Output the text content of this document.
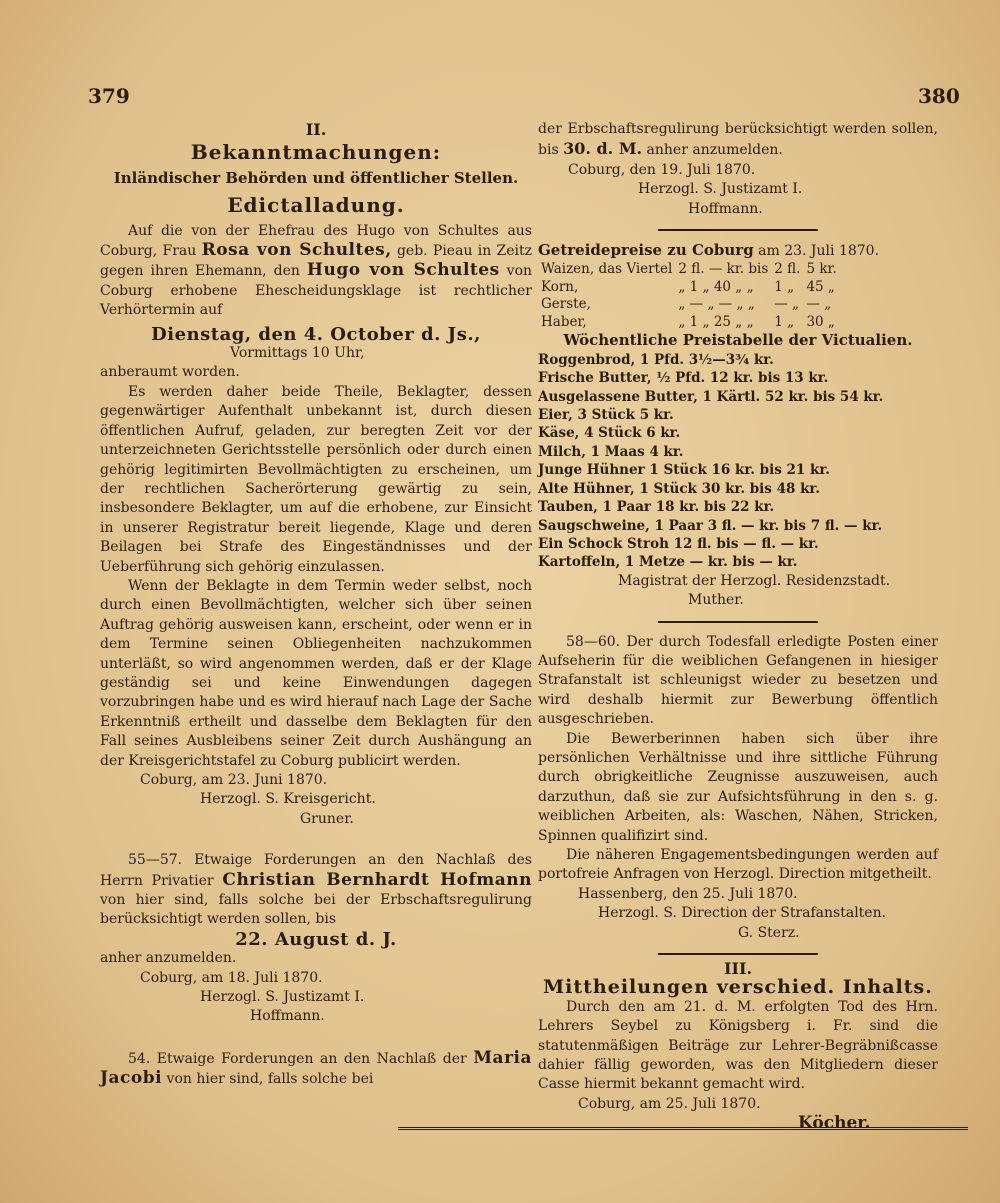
379	380

II.

Bekanntmachungen:

Inländischer Behörden und öffentlicher Stellen.

Edictalladung.

Auf die von der Ehefrau des Hugo von Schultes aus Coburg, Frau Rosa von Schultes, geb. Pieau in Zeitz gegen ihren Ehemann, den Hugo von Schultes von Coburg erhobene Ehescheidungsklage ist rechtlicher Verhörtermin auf

Dienstag, den 4. October d. Js.,

Vormittags 10 Uhr,

anberaumt worden.

Es werden daher beide Theile, Beklagter, dessen gegenwärtiger Aufenthalt unbekannt ist, durch diesen öffentlichen Aufruf, geladen, zur beregten Zeit vor der unterzeichneten Gerichtsstelle persönlich oder durch einen gehörig legitimirten Bevollmächtigten zu erscheinen, um der rechtlichen Sacherörterung gewärtig zu sein, insbesondere Beklagter, um auf die erhobene, zur Einsicht in unserer Registratur bereit liegende, Klage und deren Beilagen bei Strafe des Eingeständnisses und der Ueberführung sich gehörig einzulassen.

Wenn der Beklagte in dem Termin weder selbst, noch durch einen Bevollmächtigten, welcher sich über seinen Auftrag gehörig ausweisen kann, erscheint, oder wenn er in dem Termine seinen Obliegenheiten nachzukommen unterläßt, so wird angenommen werden, daß er der Klage geständig sei und keine Einwendungen dagegen vorzubringen habe und es wird hierauf nach Lage der Sache Erkenntniß ertheilt und dasselbe dem Beklagten für den Fall seines Ausbleibens seiner Zeit durch Aushängung an der Kreisgerichtstafel zu Coburg publicirt werden.

Coburg, am 23. Juni 1870.

Herzogl. S. Kreisgericht.

Gruner.

55—57. Etwaige Forderungen an den Nachlaß des Herrn Privatier Christian Bernhardt Hofmann von hier sind, falls solche bei der Erbschaftsregulirung berücksichtigt werden sollen, bis

22. August d. J.

anher anzumelden.

Coburg, am 18. Juli 1870.

Herzogl. S. Justizamt I.

Hoffmann.

54. Etwaige Forderungen an den Nachlaß der Maria Jacobi von hier sind, falls solche bei

der Erbschaftsregulirung berücksichtigt werden sollen, bis 30. d. M. anher anzumelden.

Coburg, den 19. Juli 1870.

Herzogl. S. Justizamt I.

Hoffmann.

Getreidepreise zu Coburg am 23. Juli 1870.

Waizen, das Viertel	2 fl. — kr. bis	2 fl.	5 kr.
Korn,	„ 1 „ 40 „ „	1 „	45 „
Gerste,	„ — „ — „ „	— „	— „
Haber,	„ 1 „ 25 „ „	1 „	30 „

Wöchentliche Preistabelle der Victualien.

Roggenbrod, 1 Pfd. 3½—3¾ kr.

Frische Butter, ½ Pfd. 12 kr. bis 13 kr.

Ausgelassene Butter, 1 Kärtl. 52 kr. bis 54 kr.

Eier, 3 Stück 5 kr.

Käse, 4 Stück 6 kr.

Milch, 1 Maas 4 kr.

Junge Hühner 1 Stück 16 kr. bis 21 kr.

Alte Hühner, 1 Stück 30 kr. bis 48 kr.

Tauben, 1 Paar 18 kr. bis 22 kr.

Saugschweine, 1 Paar 3 fl. — kr. bis 7 fl. — kr.

Ein Schock Stroh 12 fl. bis — fl. — kr.

Kartoffeln, 1 Metze — kr. bis — kr.

Magistrat der Herzogl. Residenzstadt.

Muther.

58—60. Der durch Todesfall erledigte Posten einer Aufseherin für die weiblichen Gefangenen in hiesiger Strafanstalt ist schleunigst wieder zu besetzen und wird deshalb hiermit zur Bewerbung öffentlich ausgeschrieben.

Die Bewerberinnen haben sich über ihre persönlichen Verhältnisse und ihre sittliche Führung durch obrigkeitliche Zeugnisse auszuweisen, auch darzuthun, daß sie zur Aufsichtsführung in den s. g. weiblichen Arbeiten, als: Waschen, Nähen, Stricken, Spinnen qualifizirt sind.

Die näheren Engagementsbedingungen werden auf portofreie Anfragen von Herzogl. Direction mitgetheilt.

Hassenberg, den 25. Juli 1870.

Herzogl. S. Direction der Strafanstalten.

G. Sterz.

III.

Mittheilungen verschied. Inhalts.

Durch den am 21. d. M. erfolgten Tod des Hrn. Lehrers Seybel zu Königsberg i. Fr. sind die statutenmäßigen Beiträge zur Lehrer-Begräbnißcasse dahier fällig geworden, was den Mitgliedern dieser Casse hiermit bekannt gemacht wird.

Coburg, am 25. Juli 1870.

Köcher.
